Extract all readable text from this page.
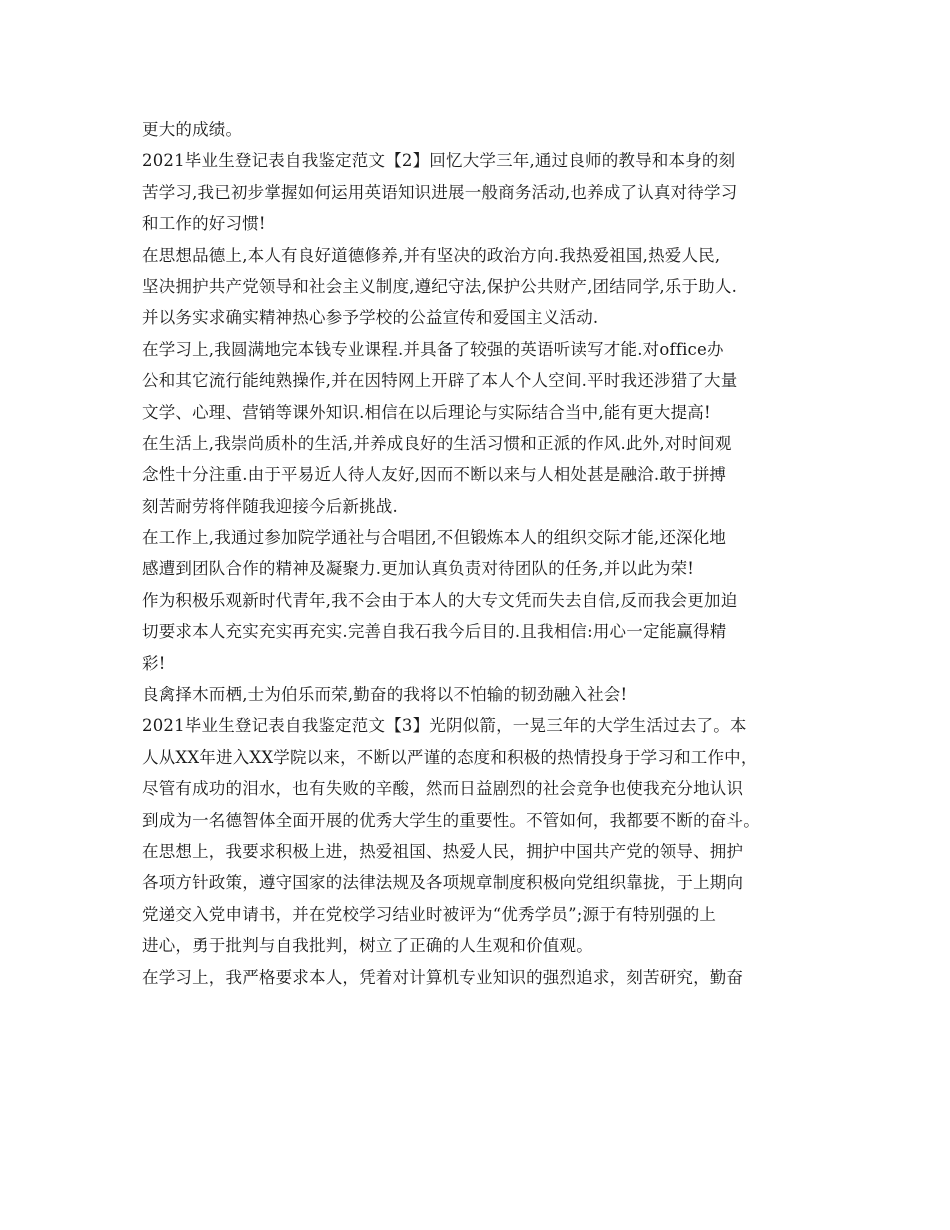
更大的成绩。
2021毕业生登记表自我鉴定范文【2】回忆大学三年,通过良师的教导和本身的刻
苦学习,我已初步掌握如何运用英语知识进展一般商务活动,也养成了认真对待学习
和工作的好习惯!
在思想品德上,本人有良好道德修养,并有坚决的政治方向.我热爱祖国,热爱人民,
坚决拥护共产党领导和社会主义制度,遵纪守法,保护公共财产,团结同学,乐于助人.
并以务实求确实精神热心参予学校的公益宣传和爱国主义活动.
在学习上,我圆满地完本钱专业课程.并具备了较强的英语听读写才能.对office办
公和其它流行能纯熟操作,并在因特网上开辟了本人个人空间.平时我还涉猎了大量
文学、心理、营销等课外知识.相信在以后理论与实际结合当中,能有更大提高!
在生活上,我崇尚质朴的生活,并养成良好的生活习惯和正派的作风.此外,对时间观
念性十分注重.由于平易近人待人友好,因而不断以来与人相处甚是融洽.敢于拼搏
刻苦耐劳将伴随我迎接今后新挑战.
在工作上,我通过参加院学通社与合唱团,不但锻炼本人的组织交际才能,还深化地
感遭到团队合作的精神及凝聚力.更加认真负责对待团队的任务,并以此为荣!
作为积极乐观新时代青年,我不会由于本人的大专文凭而失去自信,反而我会更加迫
切要求本人充实充实再充实.完善自我石我今后目的.且我相信:用心一定能赢得精
彩!
良禽择木而栖,士为伯乐而荣,勤奋的我将以不怕输的韧劲融入社会!
2021毕业生登记表自我鉴定范文【3】光阴似箭，一晃三年的大学生活过去了。本
人从XX年进入XX学院以来，不断以严谨的态度和积极的热情投身于学习和工作中，
尽管有成功的泪水，也有失败的辛酸，然而日益剧烈的社会竞争也使我充分地认识
到成为一名德智体全面开展的优秀大学生的重要性。不管如何，我都要不断的奋斗。
在思想上，我要求积极上进，热爱祖国、热爱人民，拥护中国共产党的领导、拥护
各项方针政策，遵守国家的法律法规及各项规章制度积极向党组织靠拢，于上期向
党递交入党申请书，并在党校学习结业时被评为“优秀学员”;源于有特别强的上
进心，勇于批判与自我批判，树立了正确的人生观和价值观。
在学习上，我严格要求本人，凭着对计算机专业知识的强烈追求，刻苦研究，勤奋
